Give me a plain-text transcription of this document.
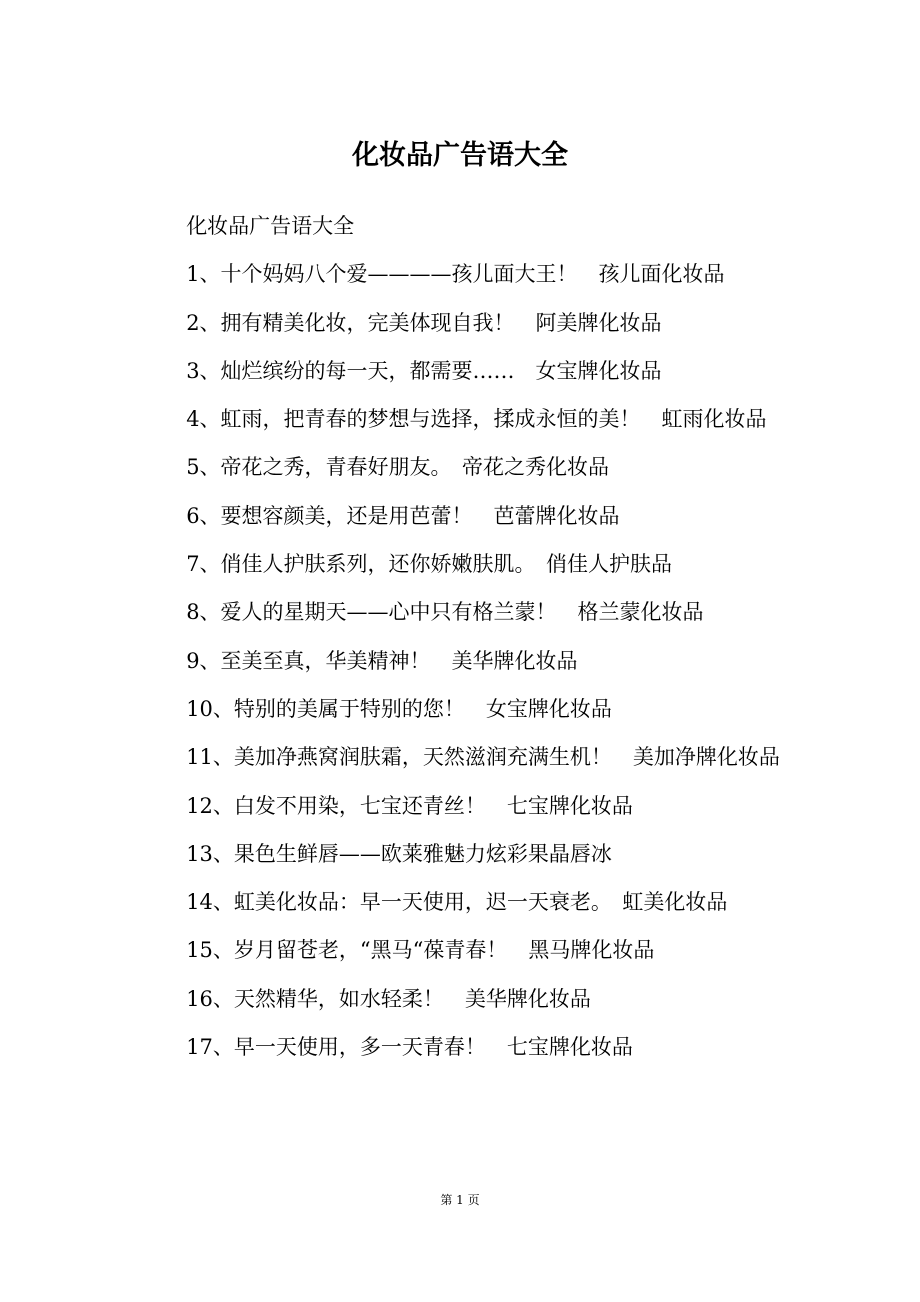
化妆品广告语大全

化妆品广告语大全

1、十个妈妈八个爱————孩儿面大王！　孩儿面化妆品

2、拥有精美化妆，完美体现自我！　阿美牌化妆品

3、灿烂缤纷的每一天，都需要……　女宝牌化妆品

4、虹雨，把青春的梦想与选择，揉成永恒的美！　虹雨化妆品

5、帝花之秀，青春好朋友。　帝花之秀化妆品

6、要想容颜美，还是用芭蕾！　芭蕾牌化妆品

7、俏佳人护肤系列，还你娇嫩肤肌。　俏佳人护肤品

8、爱人的星期天——心中只有格兰蒙！　格兰蒙化妆品

9、至美至真，华美精神！　美华牌化妆品

10、特别的美属于特别的您！　女宝牌化妆品

11、美加净燕窝润肤霜，天然滋润充满生机！　美加净牌化妆品

12、白发不用染，七宝还青丝！　七宝牌化妆品

13、果色生鲜唇——欧莱雅魅力炫彩果晶唇冰

14、虹美化妆品：早一天使用，迟一天衰老。　虹美化妆品

15、岁月留苍老，“黑马“葆青春！　黑马牌化妆品

16、天然精华，如水轻柔！　美华牌化妆品

17、早一天使用，多一天青春！　七宝牌化妆品

第 1 页
